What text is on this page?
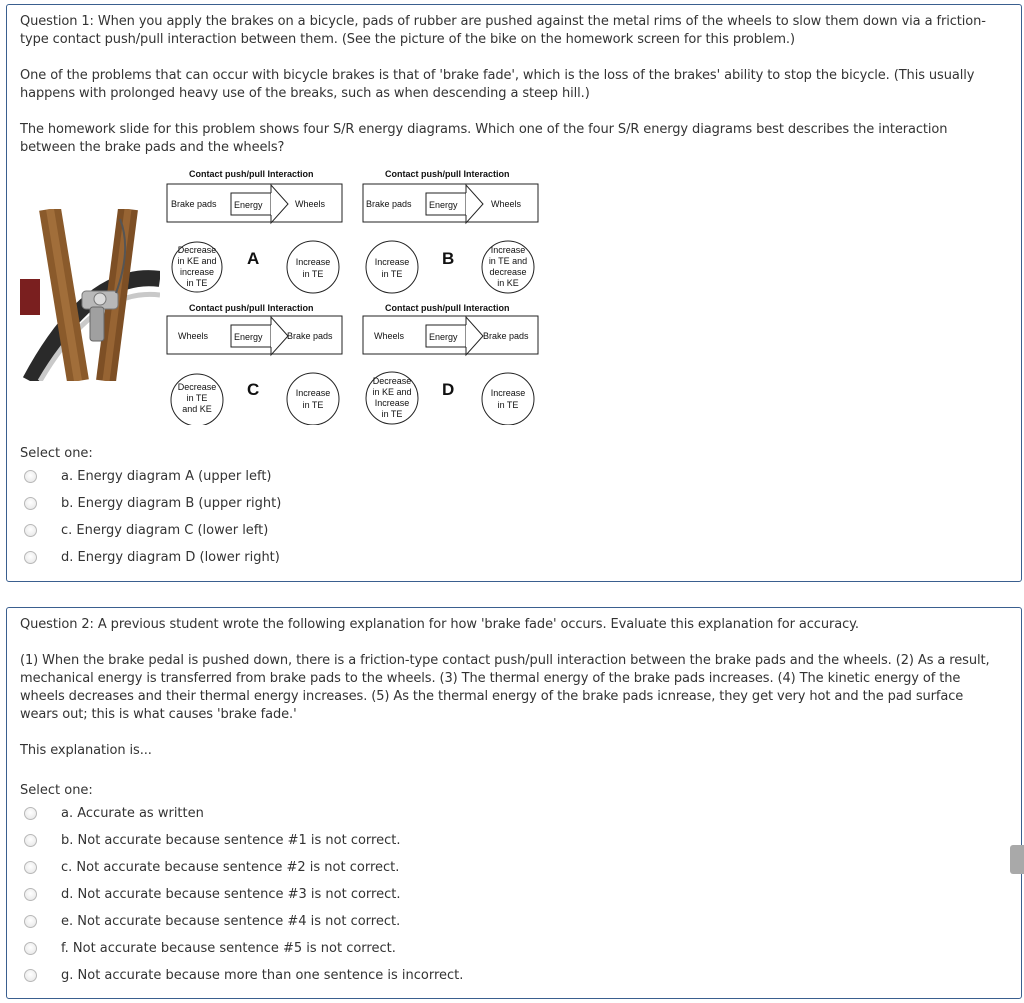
Question 1: When you apply the brakes on a bicycle, pads of rubber are pushed against the metal rims of the wheels to slow them down via a friction-type contact push/pull interaction between them. (See the picture of the bike on the homework screen for this problem.)

One of the problems that can occur with bicycle brakes is that of 'brake fade', which is the loss of the brakes' ability to stop the bicycle. (This usually happens with prolonged heavy use of the breaks, such as when descending a steep hill.)

The homework slide for this problem shows four S/R energy diagrams. Which one of the four S/R energy diagrams best describes the interaction between the brake pads and the wheels?

Contact push/pull Interaction
Brake pads Energy	Wheels
Decrease
in KE and
increase
in TE
A	Increase
in TE
Contact push/pull Interaction
Brake pads Energy	Wheels
Increase
in TE
B	Increase
in TE and
decrease
in KE
Contact push/pull Interaction
Wheels	Energy	Brake pads
Decrease
in TE
and KE
C	Increase
in TE
Contact push/pull Interaction
Wheels	Energy	Brake pads
Decrease
in KE and
Increase
in TE
D	Increase
in TE

Select one:

a. Energy diagram A (upper left)
b. Energy diagram B (upper right)
c. Energy diagram C (lower left)
d. Energy diagram D (lower right)

Question 2: A previous student wrote the following explanation for how 'brake fade' occurs. Evaluate this explanation for accuracy.

(1) When the brake pedal is pushed down, there is a friction-type contact push/pull interaction between the brake pads and the wheels. (2) As a result, mechanical energy is transferred from brake pads to the wheels. (3) The thermal energy of the brake pads increases. (4) The kinetic energy of the wheels decreases and their thermal energy increases. (5) As the thermal energy of the brake pads icnrease, they get very hot and the pad surface wears out; this is what causes 'brake fade.'

This explanation is...

Select one:

a. Accurate as written
b. Not accurate because sentence #1 is not correct.
c. Not accurate because sentence #2 is not correct.
d. Not accurate because sentence #3 is not correct.
e. Not accurate because sentence #4 is not correct.
f. Not accurate because sentence #5 is not correct.
g. Not accurate because more than one sentence is incorrect.
